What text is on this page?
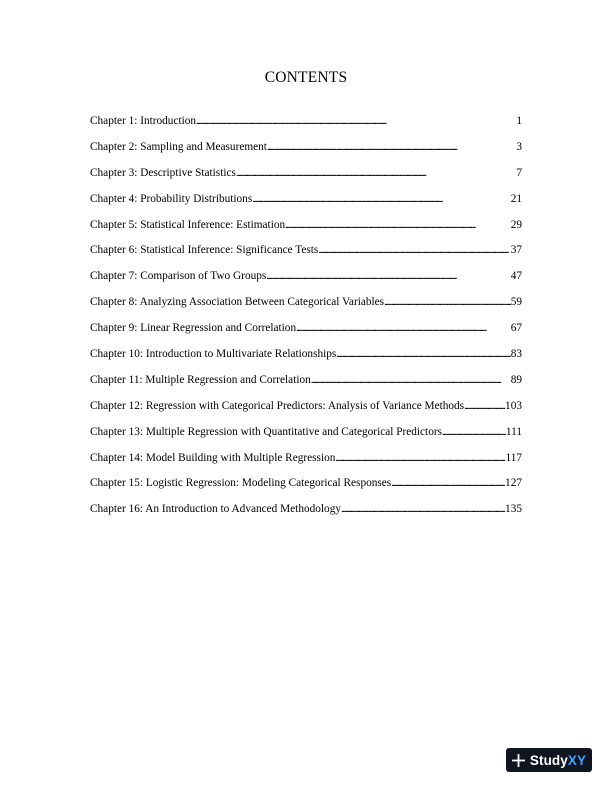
CONTENTS
Chapter 1: Introduction . . .	1
Chapter 2: Sampling and Measurement . . .	3
Chapter 3: Descriptive Statistics . . .	7
Chapter 4: Probability Distributions . . .	21
Chapter 5: Statistical Inference: Estimation . . .	29
Chapter 6: Statistical Inference: Significance Tests . . .	37
Chapter 7: Comparison of Two Groups . . .	47
Chapter 8: Analyzing Association Between Categorical Variables . . .	59
Chapter 9: Linear Regression and Correlation . . .	67
Chapter 10: Introduction to Multivariate Relationships . . .	83
Chapter 11: Multiple Regression and Correlation . . .	89
Chapter 12: Regression with Categorical Predictors: Analysis of Variance Methods . . .	103
Chapter 13: Multiple Regression with Quantitative and Categorical Predictors . . .	111
Chapter 14: Model Building with Multiple Regression . . .	117
Chapter 15: Logistic Regression: Modeling Categorical Responses . . .	127
Chapter 16: An Introduction to Advanced Methodology . . .	135
StudyXY
